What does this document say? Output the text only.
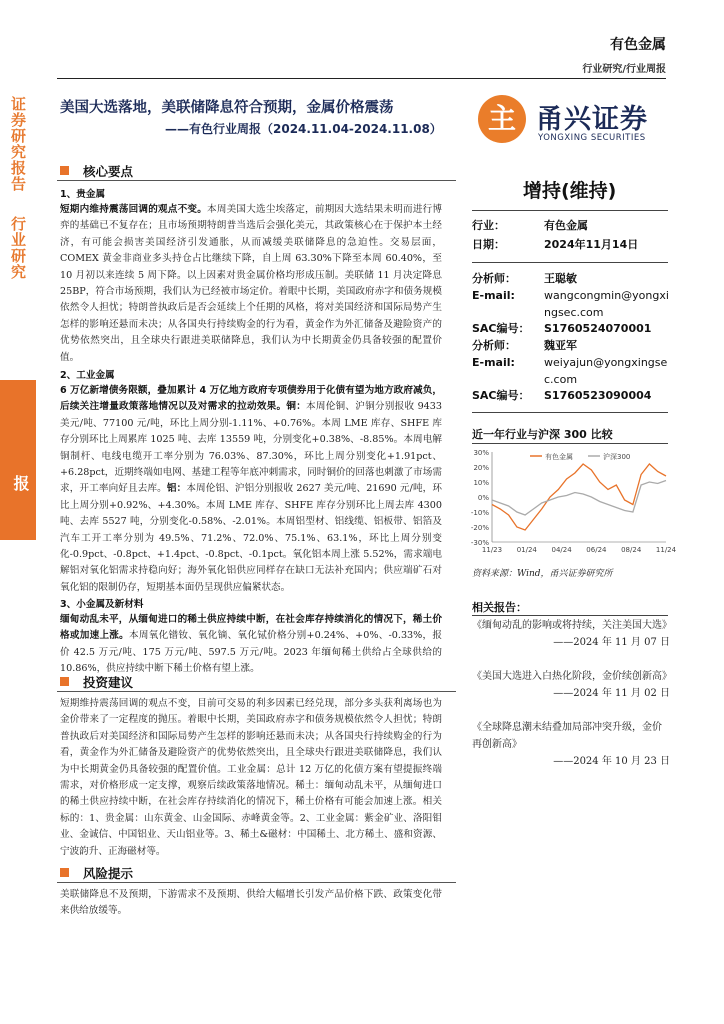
证券研究报告
行业研究
行业周报
有色金属
行业研究/行业周报
美国大选落地，美联储降息符合预期，金属价格震荡
——有色行业周报（2024.11.04-2024.11.08）	主 甬兴证券
YONGXING SECURITIES
核心要点
1、贵金属
短期内维持震荡回调的观点不变。本周美国大选尘埃落定，前期因大选结果未明而进行博弈的基础已不复存在；且市场预期特朗普当选后会强化美元，其政策核心在于保护本土经济，有可能会损害美国经济引发通胀，从而减缓美联储降息的急迫性。交易层面，COMEX 黄金非商业多头持仓占比继续下降，自上周 63.30%下降至本周 60.40%，至 10 月初以来连续 5 周下降。以上因素对贵金属价格均形成压制。美联储 11 月决定降息 25BP，符合市场预期，我们认为已经被市场定价。着眼中长期，美国政府赤字和债务规模依然令人担忧；特朗普执政后是否会延续上个任期的风格，将对美国经济和国际局势产生怎样的影响还悬而未决；从各国央行持续购金的行为看，黄金作为外汇储备及避险资产的优势依然突出，且全球央行跟进美联储降息，我们认为中长期黄金仍具备较强的配置价值。
2、工业金属
6 万亿新增债务限额，叠加累计 4 万亿地方政府专项债券用于化债有望为地方政府减负，后续关注增量政策落地情况以及对需求的拉动效果。铜：本周伦铜、沪铜分别报收 9433 美元/吨、77100 元/吨，环比上周分别-1.11%、+0.76%。本周 LME 库存、SHFE 库存分别环比上周累库 1025 吨、去库 13559 吨，分别变化+0.38%、-8.85%。本周电解铜制杆、电线电缆开工率分别为 76.03%、87.30%，环比上周分别变化+1.91pct、+6.28pct，近期终端如电网、基建工程等年底冲刺需求，同时铜价的回落也刺激了市场需求，开工率向好且去库。铝：本周伦铝、沪铝分别报收 2627 美元/吨、21690 元/吨，环比上周分别+0.92%、+4.30%。本周 LME 库存、SHFE 库存分别环比上周去库 4300 吨、去库 5527 吨，分别变化-0.58%、-2.01%。本周铝型材、铝线缆、铝板带、铝箔及汽车工开工率分别为 49.5%、71.2%、72.0%、75.1%、63.1%，环比上周分别变化-0.9pct、-0.8pct、+1.4pct、-0.8pct、-0.1pct。氧化铝本周上涨 5.52%，需求端电解铝对氧化铝需求持稳向好；海外氧化铝供应同样存在缺口无法补充国内；供应端矿石对氧化铝的限制仍存，短期基本面仍呈现供应偏紧状态。
3、小金属及新材料
缅甸动乱未平，从缅甸进口的稀土供应持续中断，在社会库存持续消化的情况下，稀土价格或加速上涨。本周氧化镨钕、氧化镝、氧化铽价格分别+0.24%、+0%、-0.33%，报价 42.5 万元/吨、175 万元/吨、597.5 万元/吨。2023 年缅甸稀土供给占全球供给的 10.86%，供应持续中断下稀土价格有望上涨。
投资建议
短期维持震荡回调的观点不变，目前可交易的利多因素已经兑现，部分多头获利离场也为金价带来了一定程度的抛压。着眼中长期，美国政府赤字和债务规模依然令人担忧；特朗普执政后对美国经济和国际局势产生怎样的影响还悬而未决；从各国央行持续购金的行为看，黄金作为外汇储备及避险资产的优势依然突出，且全球央行跟进美联储降息，我们认为中长期黄金仍具备较强的配置价值。工业金属：总计 12 万亿的化债方案有望提振终端需求，对价格形成一定支撑，观察后续政策落地情况。稀土：缅甸动乱未平，从缅甸进口的稀土供应持续中断，在社会库存持续消化的情况下，稀土价格有可能会加速上涨。相关标的：1、贵金属：山东黄金、山金国际、赤峰黄金等。2、工业金属：紫金矿业、洛阳钼业、金诚信、中国铝业、天山铝业等。3、稀土&磁材：中国稀土、北方稀土、盛和资源、宁波韵升、正海磁材等。
风险提示
美联储降息不及预期，下游需求不及预期、供给大幅增长引发产品价格下跌、政策变化带来供给放缓等。
增持(维持)
行业：	有色金属
日期：	2024年11月14日
分析师：	王聪敏
E-mail:	wangcongmin@yongxingsec.com
SAC编号： S1760524070001
分析师：	魏亚军
E-mail:	weiyajun@yongxingsec.com
SAC编号： S1760523090004
近一年行业与沪深 300 比较
30%
20%
10%
0%
-10%
-20%
-30%
11/23 01/24 04/24 06/24 08/24 11/24
有色金属	沪深300
资料来源：Wind，甬兴证券研究所
相关报告：
《缅甸动乱的影响或将持续，关注美国大选》
——2024 年 11 月 07 日
《美国大选进入白热化阶段，金价续创新高》
——2024 年 11 月 02 日
《全球降息潮未结叠加局部冲突升级，金价再创新高》
——2024 年 10 月 23 日
